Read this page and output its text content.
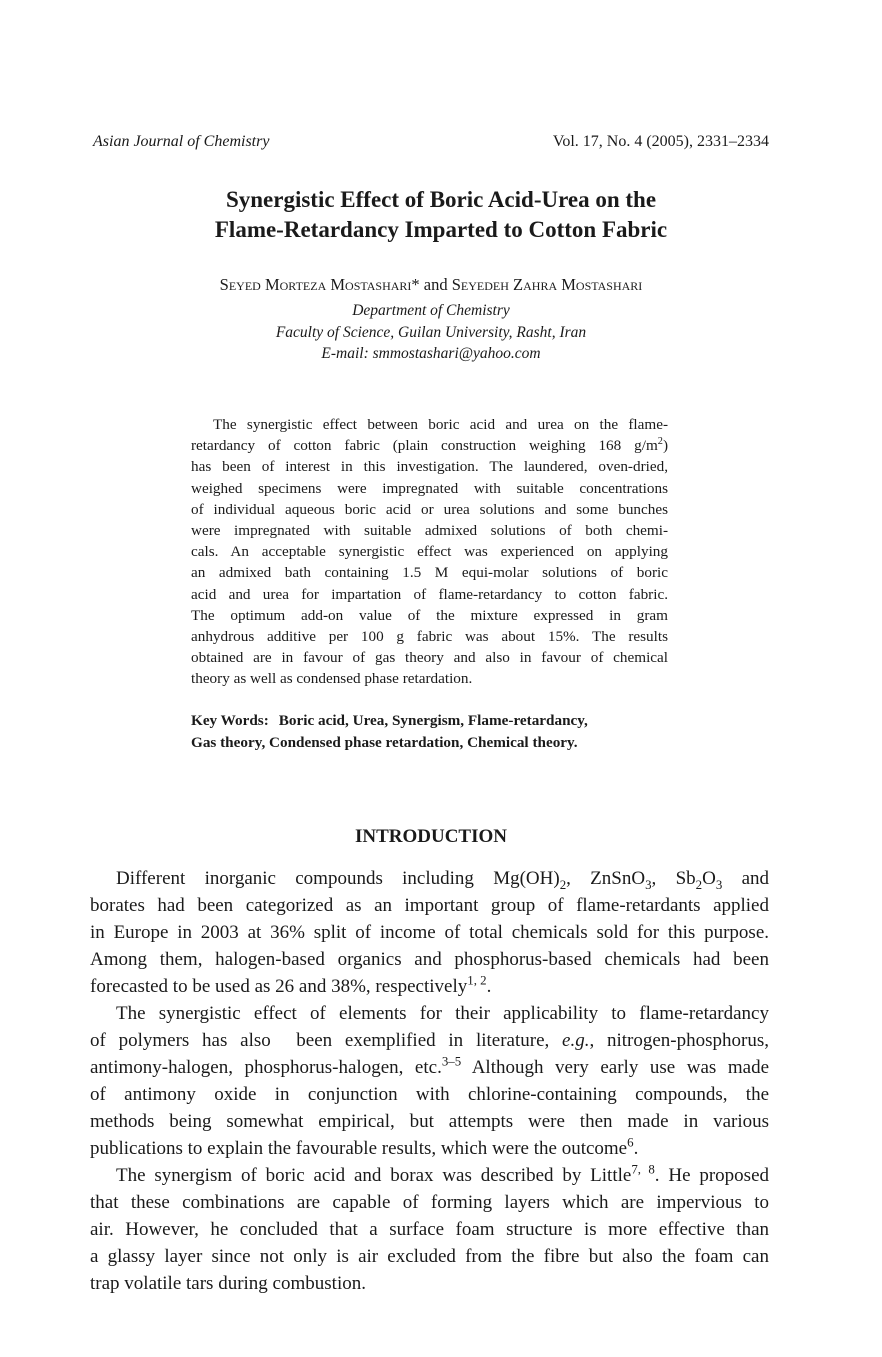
Asian Journal of Chemistry	Vol. 17, No. 4 (2005), 2331–2334
Synergistic Effect of Boric Acid-Urea on the
Flame-Retardancy Imparted to Cotton Fabric
Seyed Morteza Mostashari* and Seyedeh Zahra Mostashari
Department of Chemistry
Faculty of Science, Guilan University, Rasht, Iran
E-mail: smmostashari@yahoo.com
The synergistic effect between boric acid and urea on the flame-
retardancy of cotton fabric (plain construction weighing 168 $g/m^2$)
has been of interest in this investigation. The laundered, oven-dried,
weighed specimens were impregnated with suitable concentrations
of individual aqueous boric acid or urea solutions and some bunches
were impregnated with suitable admixed solutions of both chemi-
cals. An acceptable synergistic effect was experienced on applying
an admixed bath containing 1.5 M equi-molar solutions of boric
acid and urea for impartation of flame-retardancy to cotton fabric.
The optimum add-on value of the mixture expressed in gram
anhydrous additive per 100 g fabric was about 15%. The results
obtained are in favour of gas theory and also in favour of chemical
theory as well as condensed phase retardation.
Key Words: Boric acid, Urea, Synergism, Flame-retardancy,
Gas theory, Condensed phase retardation, Chemical theory.
INTRODUCTION
Different inorganic compounds including $Mg(OH)_2$, ZnSnO$_3$, $Sb_2O_3$ and
borates had been categorized as an important group of flame-retardants applied
in Europe in 2003 at 36% split of income of total chemicals sold for this purpose.
Among them, halogen-based organics and phosphorus-based chemicals had been
forecasted to be used as 26 and 38%, respectively$^{1, 2}$.
The synergistic effect of elements for their applicability to flame-retardancy
of polymers has also  been exemplified in literature, e.g., nitrogen-phosphorus,
antimony-halogen, phosphorus-halogen, etc.$^{3-5}$ Although very early use was made
of antimony oxide in conjunction with chlorine-containing compounds, the
methods being somewhat empirical, but attempts were then made in various
publications to explain the favourable results, which were the outcome$^6$.
The synergism of boric acid and borax was described by Little$^{7, 8}$. He proposed
that these combinations are capable of forming layers which are impervious to
air. However, he concluded that a surface foam structure is more effective than
a glassy layer since not only is air excluded from the fibre but also the foam can
trap volatile tars during combustion.
